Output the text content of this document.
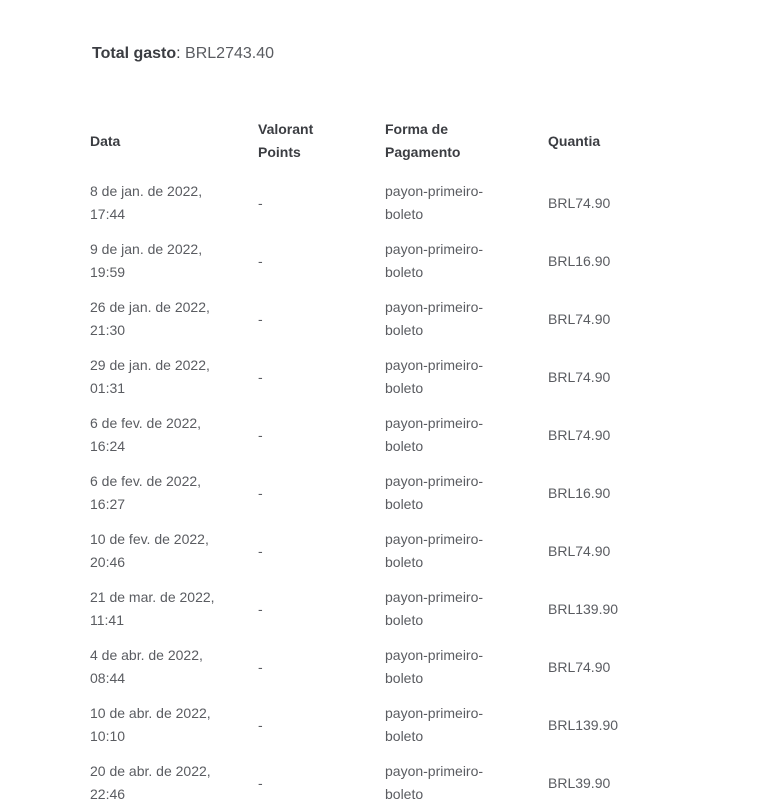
Total gasto: BRL2743.40

Data	Valorant Points	Forma de Pagamento	Quantia

8 de jan. de 2022, 17:44	-	payon-primeiro-boleto	BRL74.90

9 de jan. de 2022, 19:59	-	payon-primeiro-boleto	BRL16.90

26 de jan. de 2022, 21:30	-	payon-primeiro-boleto	BRL74.90

29 de jan. de 2022, 01:31	-	payon-primeiro-boleto	BRL74.90

6 de fev. de 2022, 16:24	-	payon-primeiro-boleto	BRL74.90

6 de fev. de 2022, 16:27	-	payon-primeiro-boleto	BRL16.90

10 de fev. de 2022, 20:46	-	payon-primeiro-boleto	BRL74.90

21 de mar. de 2022, 11:41	-	payon-primeiro-boleto	BRL139.90

4 de abr. de 2022, 08:44	-	payon-primeiro-boleto	BRL74.90

10 de abr. de 2022, 10:10	-	payon-primeiro-boleto	BRL139.90

20 de abr. de 2022, 22:46	-	payon-primeiro-boleto	BRL39.90
